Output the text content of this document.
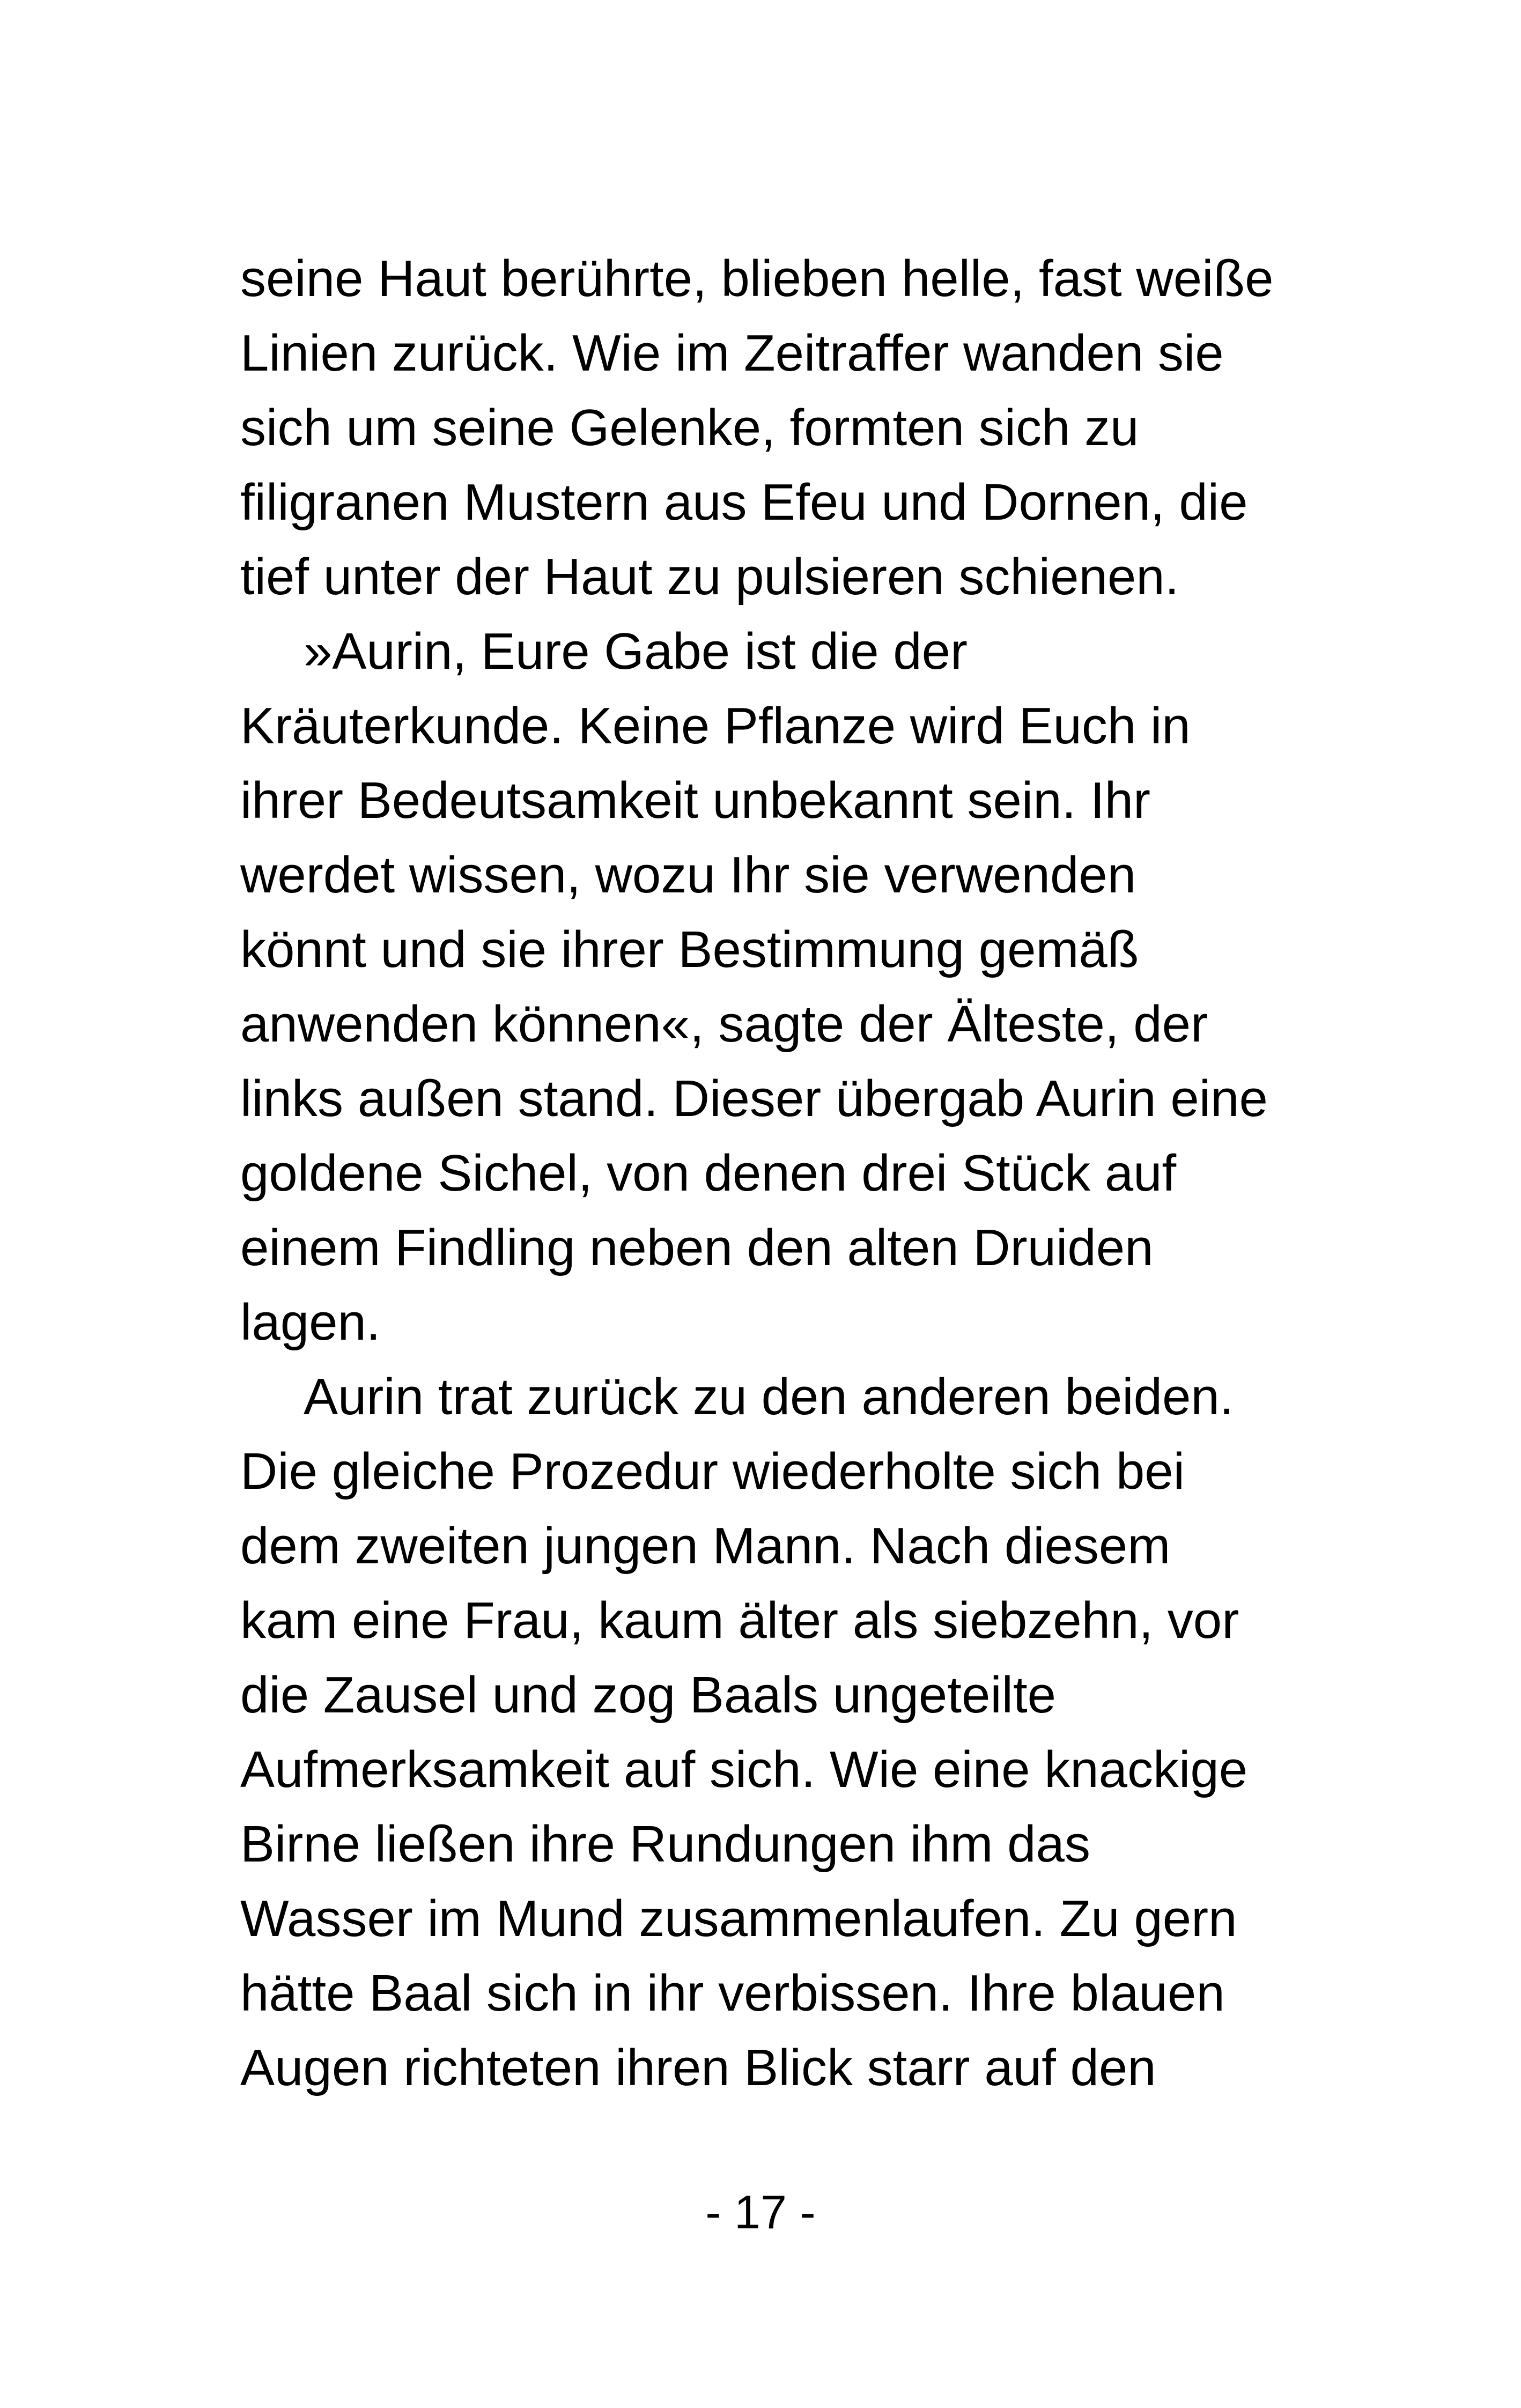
seine Haut berührte, blieben helle, fast weiße
Linien zurück. Wie im Zeitraffer wanden sie
sich um seine Gelenke, formten sich zu
filigranen Mustern aus Efeu und Dornen, die
tief unter der Haut zu pulsieren schienen.
»Aurin, Eure Gabe ist die der
Kräuterkunde. Keine Pflanze wird Euch in
ihrer Bedeutsamkeit unbekannt sein. Ihr
werdet wissen, wozu Ihr sie verwenden
könnt und sie ihrer Bestimmung gemäß
anwenden können«, sagte der Älteste, der
links außen stand. Dieser übergab Aurin eine
goldene Sichel, von denen drei Stück auf
einem Findling neben den alten Druiden
lagen.
Aurin trat zurück zu den anderen beiden.
Die gleiche Prozedur wiederholte sich bei
dem zweiten jungen Mann. Nach diesem
kam eine Frau, kaum älter als siebzehn, vor
die Zausel und zog Baals ungeteilte
Aufmerksamkeit auf sich. Wie eine knackige
Birne ließen ihre Rundungen ihm das
Wasser im Mund zusammenlaufen. Zu gern
hätte Baal sich in ihr verbissen. Ihre blauen
Augen richteten ihren Blick starr auf den
- 17 -
